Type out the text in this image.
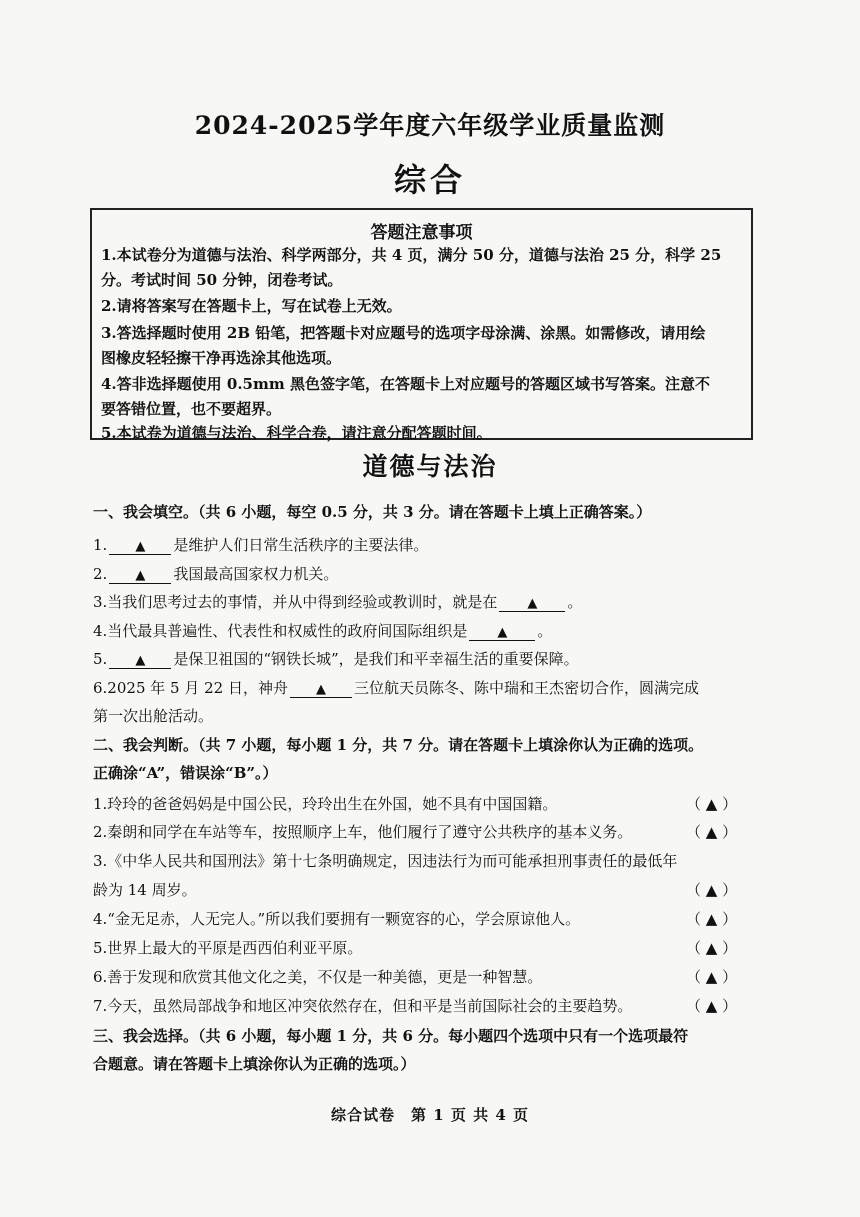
2024-2025学年度六年级学业质量监测
综合
答题注意事项
1.本试卷分为道德与法治、科学两部分，共 4 页，满分 50 分，道德与法治 25 分，科学 25
分。考试时间 50 分钟，闭卷考试。
2.请将答案写在答题卡上，写在试卷上无效。
3.答选择题时使用 2B 铅笔，把答题卡对应题号的选项字母涂满、涂黑。如需修改，请用绘
图橡皮轻轻擦干净再选涂其他选项。
4.答非选择题使用 0.5mm 黑色签字笔，在答题卡上对应题号的答题区域书写答案。注意不
要答错位置，也不要超界。
5.本试卷为道德与法治、科学合卷，请注意分配答题时间。
道德与法治
一、我会填空。（共 6 小题，每空 0.5 分，共 3 分。请在答题卡上填上正确答案。）
1. ▲ 是维护人们日常生活秩序的主要法律。
2. ▲ 我国最高国家权力机关。
3.当我们思考过去的事情，并从中得到经验或教训时，就是在 ▲ 。
4.当代最具普遍性、代表性和权威性的政府间国际组织是 ▲ 。
5. ▲ 是保卫祖国的“钢铁长城”，是我们和平幸福生活的重要保障。
6.2025 年 5 月 22 日，神舟 ▲ 三位航天员陈冬、陈中瑞和王杰密切合作，圆满完成
第一次出舱活动。
二、我会判断。（共 7 小题，每小题 1 分，共 7 分。请在答题卡上填涂你认为正确的选项。
正确涂“A”，错误涂“B”。）
1.玲玲的爸爸妈妈是中国公民，玲玲出生在外国，她不具有中国国籍。	（ ▲ ）
2.秦朗和同学在车站等车，按照顺序上车，他们履行了遵守公共秩序的基本义务。	（ ▲ ）
3.《中华人民共和国刑法》第十七条明确规定，因违法行为而可能承担刑事责任的最低年
龄为 14 周岁。	（ ▲ ）
4.“金无足赤，人无完人。”所以我们要拥有一颗宽容的心，学会原谅他人。	（ ▲ ）
5.世界上最大的平原是西西伯利亚平原。	（ ▲ ）
6.善于发现和欣赏其他文化之美，不仅是一种美德，更是一种智慧。	（ ▲ ）
7.今天，虽然局部战争和地区冲突依然存在，但和平是当前国际社会的主要趋势。	（ ▲ ）
三、我会选择。（共 6 小题，每小题 1 分，共 6 分。每小题四个选项中只有一个选项最符
合题意。请在答题卡上填涂你认为正确的选项。）
综合试卷　第 1 页 共 4 页
